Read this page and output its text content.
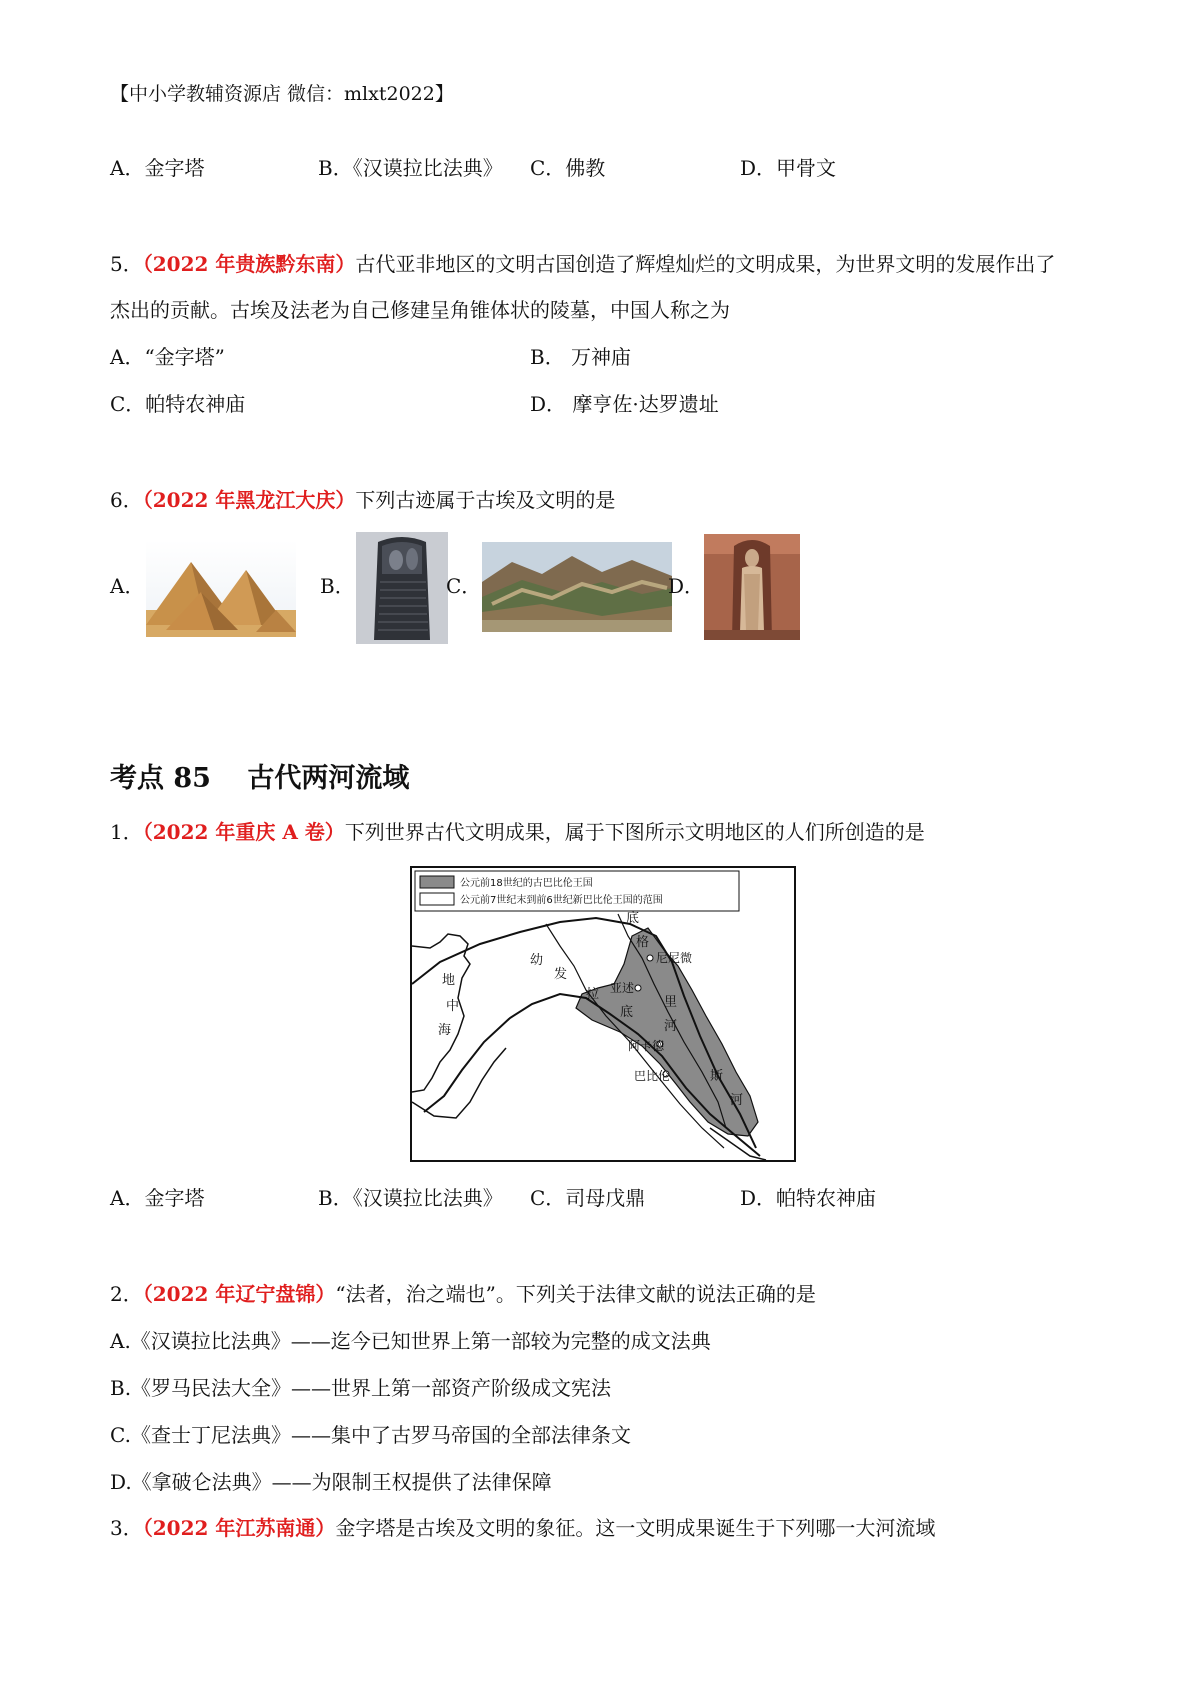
【中小学教辅资源店 微信：mlxt2022】
A．金字塔	B．《汉谟拉比法典》 C．佛教	D．甲骨文
5．（2022 年贵族黔东南）古代亚非地区的文明古国创造了辉煌灿烂的文明成果，为世界文明的发展作出了
杰出的贡献。古埃及法老为自己修建呈角锥体状的陵墓，中国人称之为
A．“金字塔”	B． 万神庙
C．帕特农神庙	D． 摩亨佐·达罗遗址
6．（2022 年黑龙江大庆）下列古迹属于古埃及文明的是
A．	B．	C．	D．
考点 85　 古代两河流域
1．（2022 年重庆 A 卷）下列世界古代文明成果，属于下图所示文明地区的人们所创造的是
公元前18世纪的古巴比伦王国
公元前7世纪末到前6世纪新巴比伦王国的范围
地
中
海
幼
发
拉
底
底
格
尼尼微
亚述
里
河
阿卡德
巴比伦	斯
河
A．金字塔	B．《汉谟拉比法典》 C．司母戊鼎	D．帕特农神庙
2．（2022 年辽宁盘锦）“法者，治之端也”。下列关于法律文献的说法正确的是
A.《汉谟拉比法典》——迄今已知世界上第一部较为完整的成文法典
B.《罗马民法大全》——世界上第一部资产阶级成文宪法
C.《查士丁尼法典》——集中了古罗马帝国的全部法律条文
D.《拿破仑法典》——为限制王权提供了法律保障
3．（2022 年江苏南通）金字塔是古埃及文明的象征。这一文明成果诞生于下列哪一大河流域
